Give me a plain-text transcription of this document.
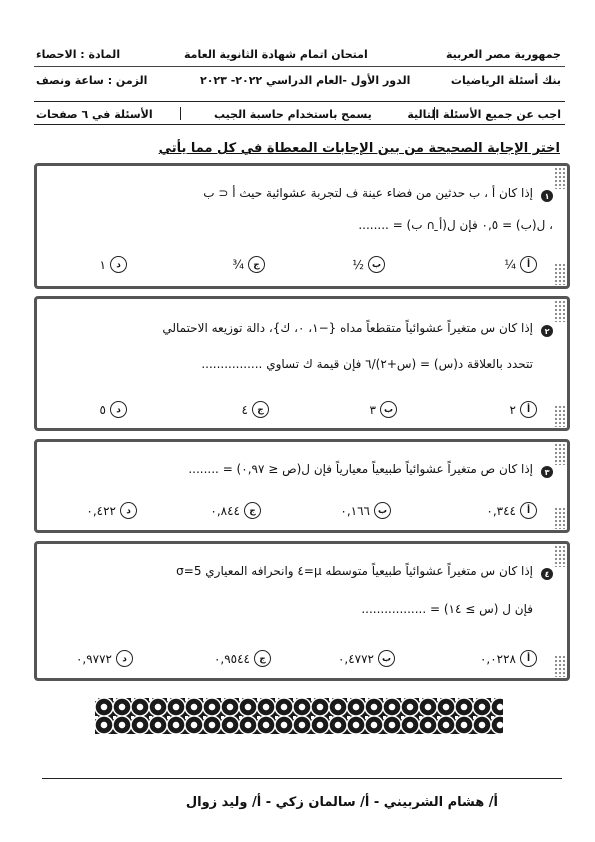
جمهورية مصر العربية
امتحان اتمام شهادة الثانوية العامة
المادة : الاحصاء
بنك أسئلة الرياضيات
الدور الأول -العام الدراسي ٢٠٢٢- ٢٠٢٣
الزمن : ساعة ونصف
اجب عن جميع الأسئلة التالية
يسمح باستخدام حاسبة الجيب
الأسئلة في ٦ صفحات
اختر الإجابة الصحيحة من بين الإجابات المعطاة في كل مما يأتي
١
إذا كان أ ، ب حدثين من فضاء عينة ف لتجربة عشوائية حيث أ ⊂ ب
، ل(ب) = ٠,٥ فإن ل(أ̱ ∩ ب) = ........
أ
¼
ب
½
ج
¾
د
١
٢
إذا كان س متغيراً عشوائياً متقطعاً مداه {−١، ٠، ك}، دالة توزيعه الاحتمالي
تتحدد بالعلاقة د(س) = (س+٢)/٦ فإن قيمة ك تساوي ................
أ
٢
ب
٣
ج
٤
د
٥
٣
إذا كان ص متغيراً عشوائياً طبيعياً معيارياً فإن ل(ص ≤ ٠,٩٧) = ........
أ
٠,٣٤٤
ب
٠,١٦٦
ج
٠,٨٤٤
د
٠,٤٢٢
٤
إذا كان س متغيراً عشوائياً طبيعياً متوسطه μ=٤ وانحرافه المعياري σ=5
فإن ل (س ≥ ١٤) = .................
أ
٠,٠٢٢٨
ب
٠,٤٧٧٢
ج
٠,٩٥٤٤
د
٠,٩٧٧٢
أ/ هشام الشربيني - أ/ سالمان زكي - أ/ وليد زوال
